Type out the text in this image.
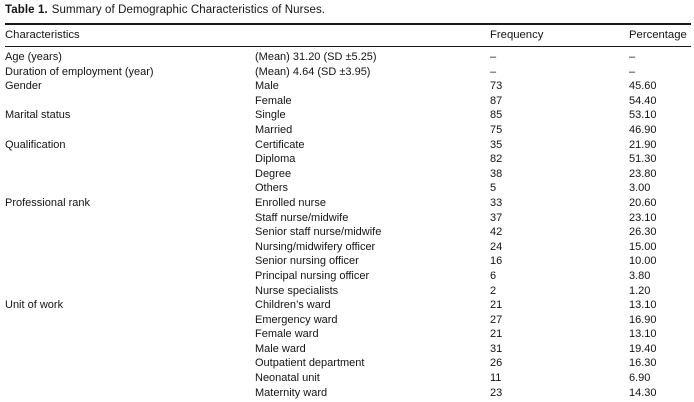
Table 1. Summary of Demographic Characteristics of Nurses.
Characteristics		Frequency	Percentage
Age (years)	(Mean) 31.20 (SD ±5.25)	–	–
Duration of employment (year)	(Mean) 4.64 (SD ±3.95)	–	–
Gender	Male	73	45.60
	Female	87	54.40
Marital status	Single	85	53.10
	Married	75	46.90
Qualification	Certificate	35	21.90
	Diploma	82	51.30
	Degree	38	23.80
	Others	5	3.00
Professional rank	Enrolled nurse	33	20.60
	Staff nurse/midwife	37	23.10
	Senior staff nurse/midwife	42	26.30
	Nursing/midwifery officer	24	15.00
	Senior nursing officer	16	10.00
	Principal nursing officer	6	3.80
	Nurse specialists	2	1.20
Unit of work	Children’s ward	21	13.10
	Emergency ward	27	16.90
	Female ward	21	13.10
	Male ward	31	19.40
	Outpatient department	26	16.30
	Neonatal unit	11	6.90
	Maternity ward	23	14.30
